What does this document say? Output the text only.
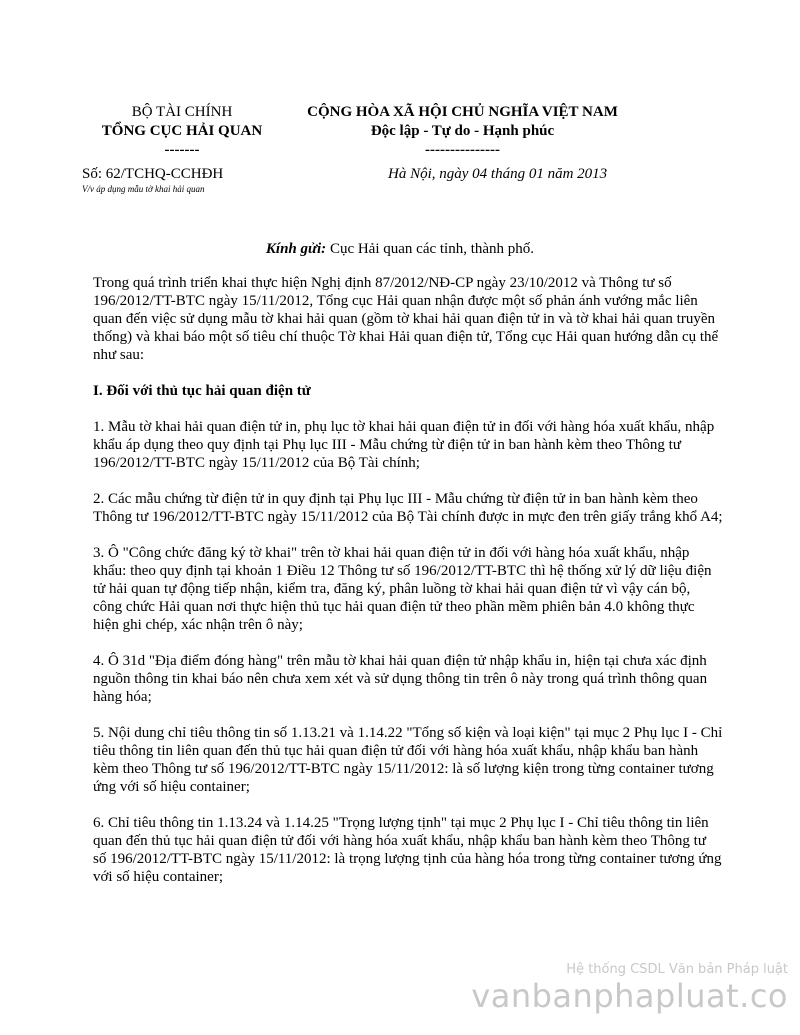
BỘ TÀI CHÍNH
TỔNG CỤC HẢI QUAN
-------
CỘNG HÒA XÃ HỘI CHỦ NGHĨA VIỆT NAM
Độc lập - Tự do - Hạnh phúc
---------------
Số: 62/TCHQ-CCHĐH
V/v áp dụng mẫu tờ khai hải quan
Hà Nội, ngày 04 tháng 01 năm 2013
Kính gửi: Cục Hải quan các tỉnh, thành phố.

Trong quá trình triển khai thực hiện Nghị định 87/2012/NĐ-CP ngày 23/10/2012 và Thông tư số 196/2012/TT-BTC ngày 15/11/2012, Tổng cục Hải quan nhận được một số phản ánh vướng mắc liên quan đến việc sử dụng mẫu tờ khai hải quan (gồm tờ khai hải quan điện tử in và tờ khai hải quan truyền thống) và khai báo một số tiêu chí thuộc Tờ khai Hải quan điện tử, Tổng cục Hải quan hướng dẫn cụ thể như sau:

I. Đối với thủ tục hải quan điện tử

1. Mẫu tờ khai hải quan điện tử in, phụ lục tờ khai hải quan điện tử in đối với hàng hóa xuất khẩu, nhập khẩu áp dụng theo quy định tại Phụ lục III - Mẫu chứng từ điện tử in ban hành kèm theo Thông tư 196/2012/TT-BTC ngày 15/11/2012 của Bộ Tài chính;

2. Các mẫu chứng từ điện tử in quy định tại Phụ lục III - Mẫu chứng từ điện tử in ban hành kèm theo Thông tư 196/2012/TT-BTC ngày 15/11/2012 của Bộ Tài chính được in mực đen trên giấy trắng khổ A4;

3. Ô "Công chức đăng ký tờ khai" trên tờ khai hải quan điện tử in đối với hàng hóa xuất khẩu, nhập khẩu: theo quy định tại khoản 1 Điều 12 Thông tư số 196/2012/TT-BTC thì hệ thống xử lý dữ liệu điện tử hải quan tự động tiếp nhận, kiểm tra, đăng ký, phân luồng tờ khai hải quan điện tử vì vậy cán bộ, công chức Hải quan nơi thực hiện thủ tục hải quan điện tử theo phần mềm phiên bản 4.0 không thực hiện ghi chép, xác nhận trên ô này;

4. Ô 31d "Địa điểm đóng hàng" trên mẫu tờ khai hải quan điện tử nhập khẩu in, hiện tại chưa xác định nguồn thông tin khai báo nên chưa xem xét và sử dụng thông tin trên ô này trong quá trình thông quan hàng hóa;

5. Nội dung chỉ tiêu thông tin số 1.13.21 và 1.14.22 "Tổng số kiện và loại kiện" tại mục 2 Phụ lục I - Chỉ tiêu thông tin liên quan đến thủ tục hải quan điện tử đối với hàng hóa xuất khẩu, nhập khẩu ban hành kèm theo Thông tư số 196/2012/TT-BTC ngày 15/11/2012: là số lượng kiện trong từng container tương ứng với số hiệu container;

6. Chỉ tiêu thông tin 1.13.24 và 1.14.25 "Trọng lượng tịnh" tại mục 2 Phụ lục I - Chỉ tiêu thông tin liên quan đến thủ tục hải quan điện tử đối với hàng hóa xuất khẩu, nhập khẩu ban hành kèm theo Thông tư số 196/2012/TT-BTC ngày 15/11/2012: là trọng lượng tịnh của hàng hóa trong từng container tương ứng với số hiệu container;

Hệ thống CSDL Văn bản Pháp luật
vanbanphapluat.co
